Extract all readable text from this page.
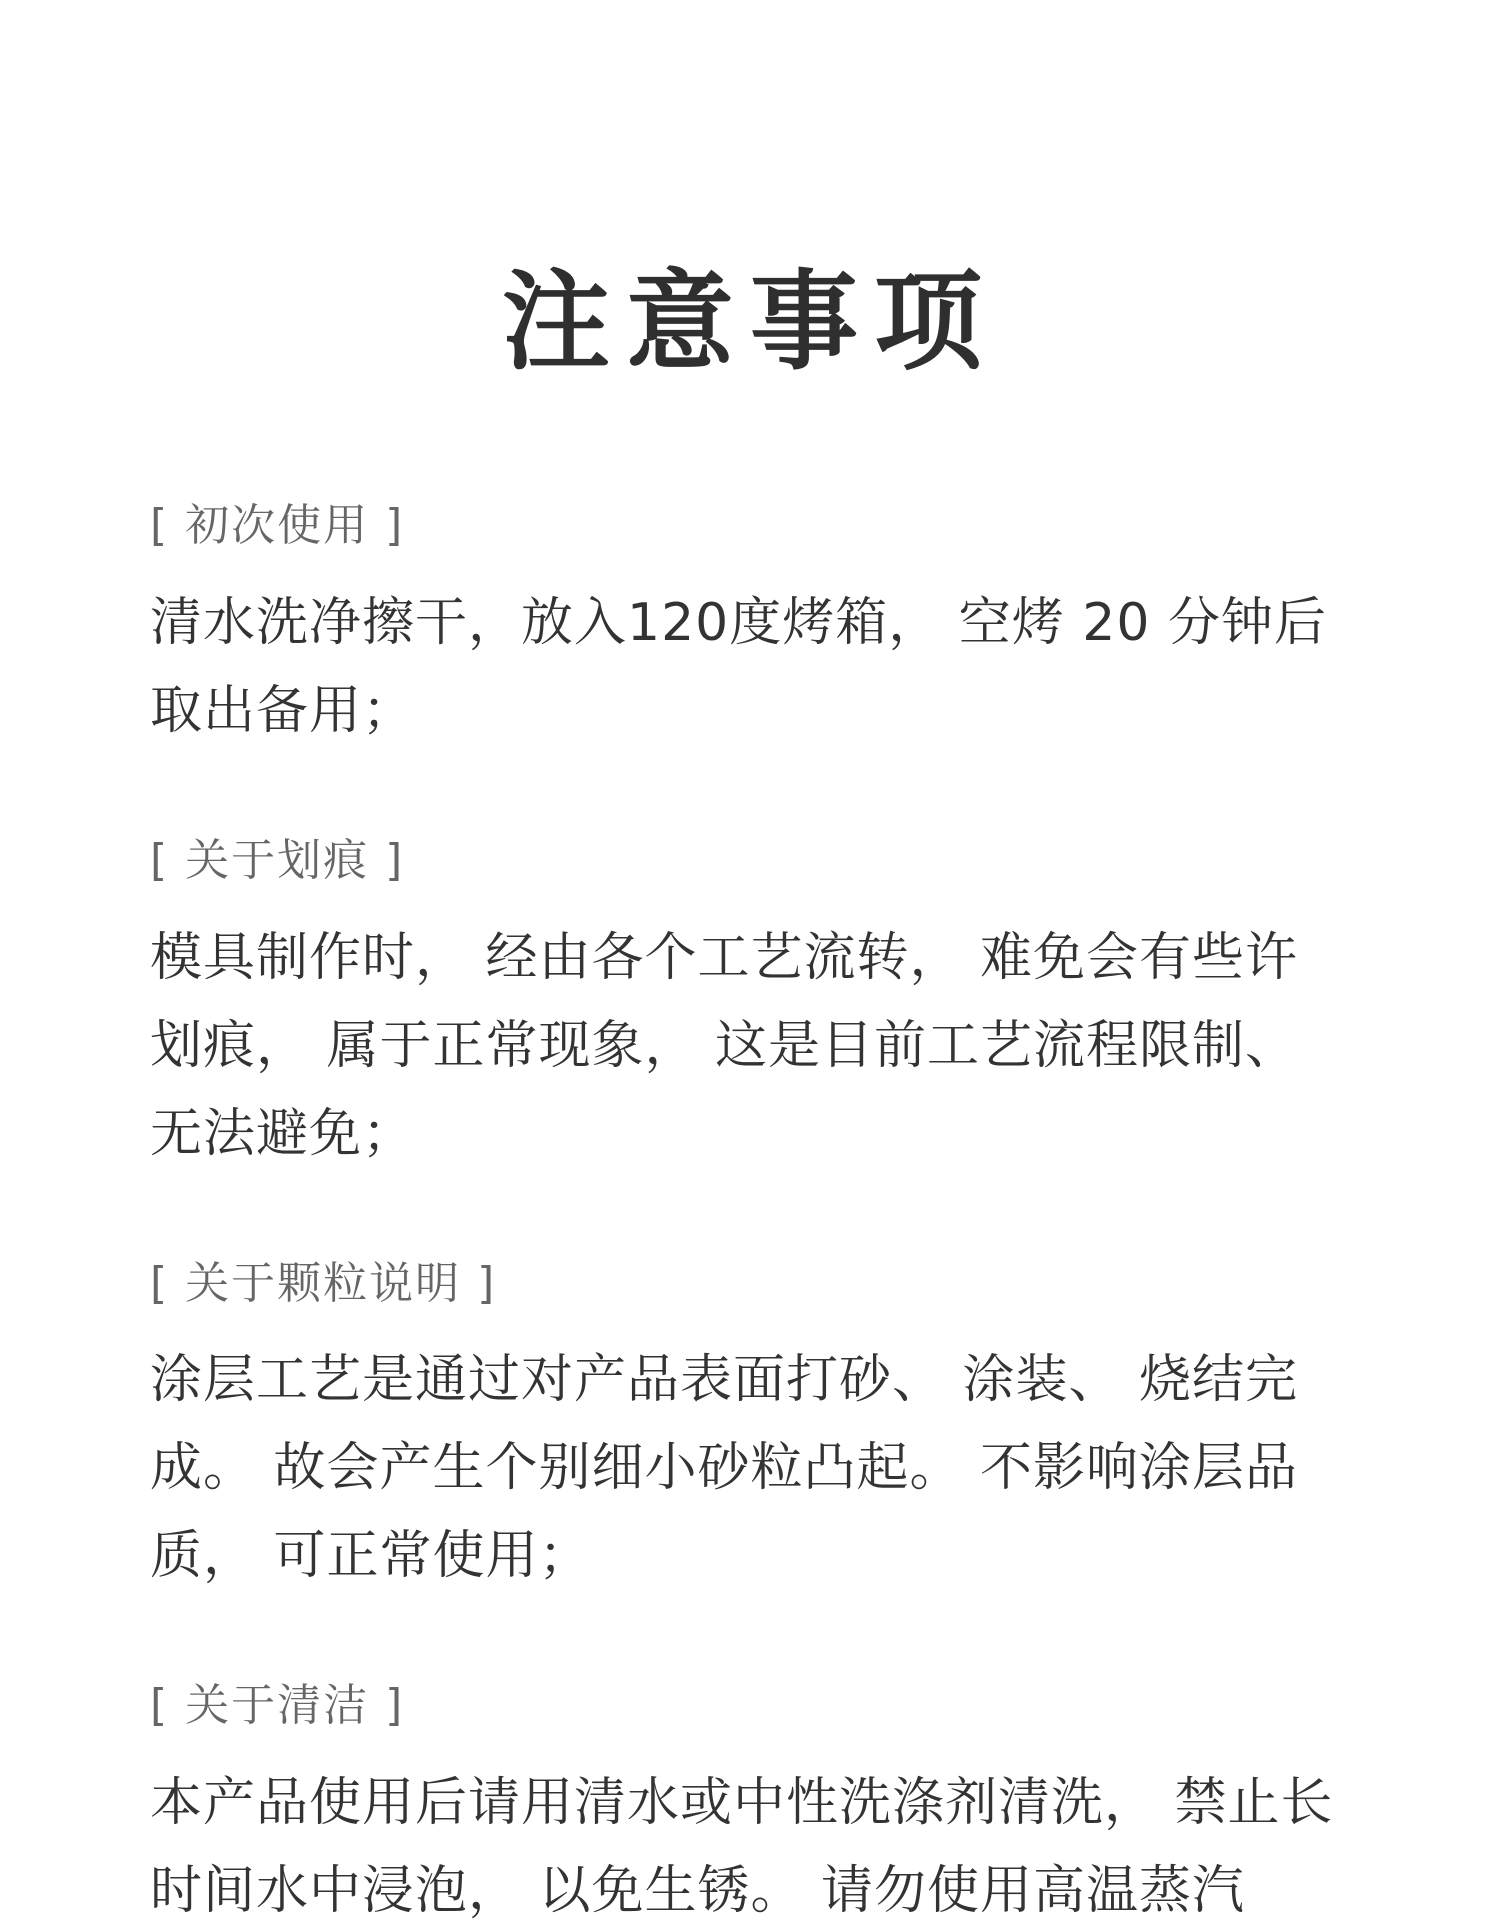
注意事项
[ 初次使用 ]
清水洗净擦干，放入120度烤箱， 空烤 20 分钟后取出备用；
[ 关于划痕 ]
模具制作时， 经由各个工艺流转， 难免会有些许划痕， 属于正常现象， 这是目前工艺流程限制、无法避免；
[ 关于颗粒说明 ]
涂层工艺是通过对产品表面打砂、 涂装、 烧结完成。 故会产生个别细小砂粒凸起。 不影响涂层品质， 可正常使用；
[ 关于清洁 ]
本产品使用后请用清水或中性洗涤剂清洗， 禁止长时间水中浸泡， 以免生锈。 请勿使用高温蒸汽
